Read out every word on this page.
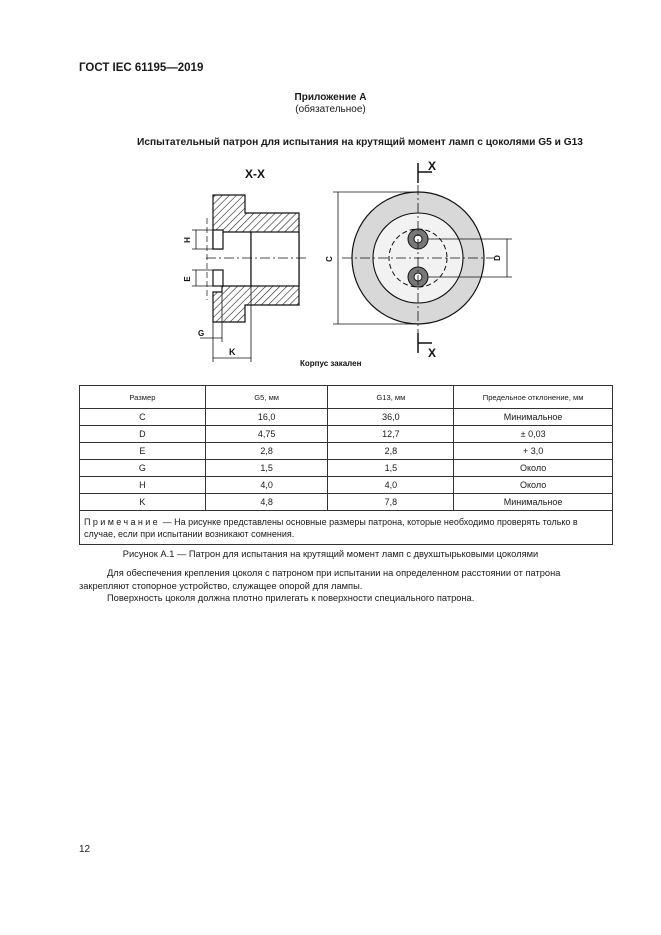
ГОСТ IEC 61195—2019
Приложение А
(обязательное)
Испытательный патрон для испытания на крутящий момент ламп с цоколями G5 и G13
Х-Х
H
E
G
K
Корпус закален
Х
Х
C	D
Размер	G5, мм	G13, мм	Предельное отклонение, мм
C	16,0	36,0	Минимальное
D	4,75	12,7	± 0,03
E	2,8	2,8	+ 3,0
G	1,5	1,5	Около
H	4,0	4,0	Около
K	4,8	7,8	Минимальное
Примечание — На рисунке представлены основные размеры патрона, которые необходимо проверять только в случае, если при испытании возникают сомнения.			
Рисунок А.1 — Патрон для испытания на крутящий момент ламп с двухштырьковыми цоколями
Для обеспечения крепления цоколя с патроном при испытании на определенном расстоянии от патрона закрепляют стопорное устройство, служащее опорой для лампы.
Поверхность цоколя должна плотно прилегать к поверхности специального патрона.
12
